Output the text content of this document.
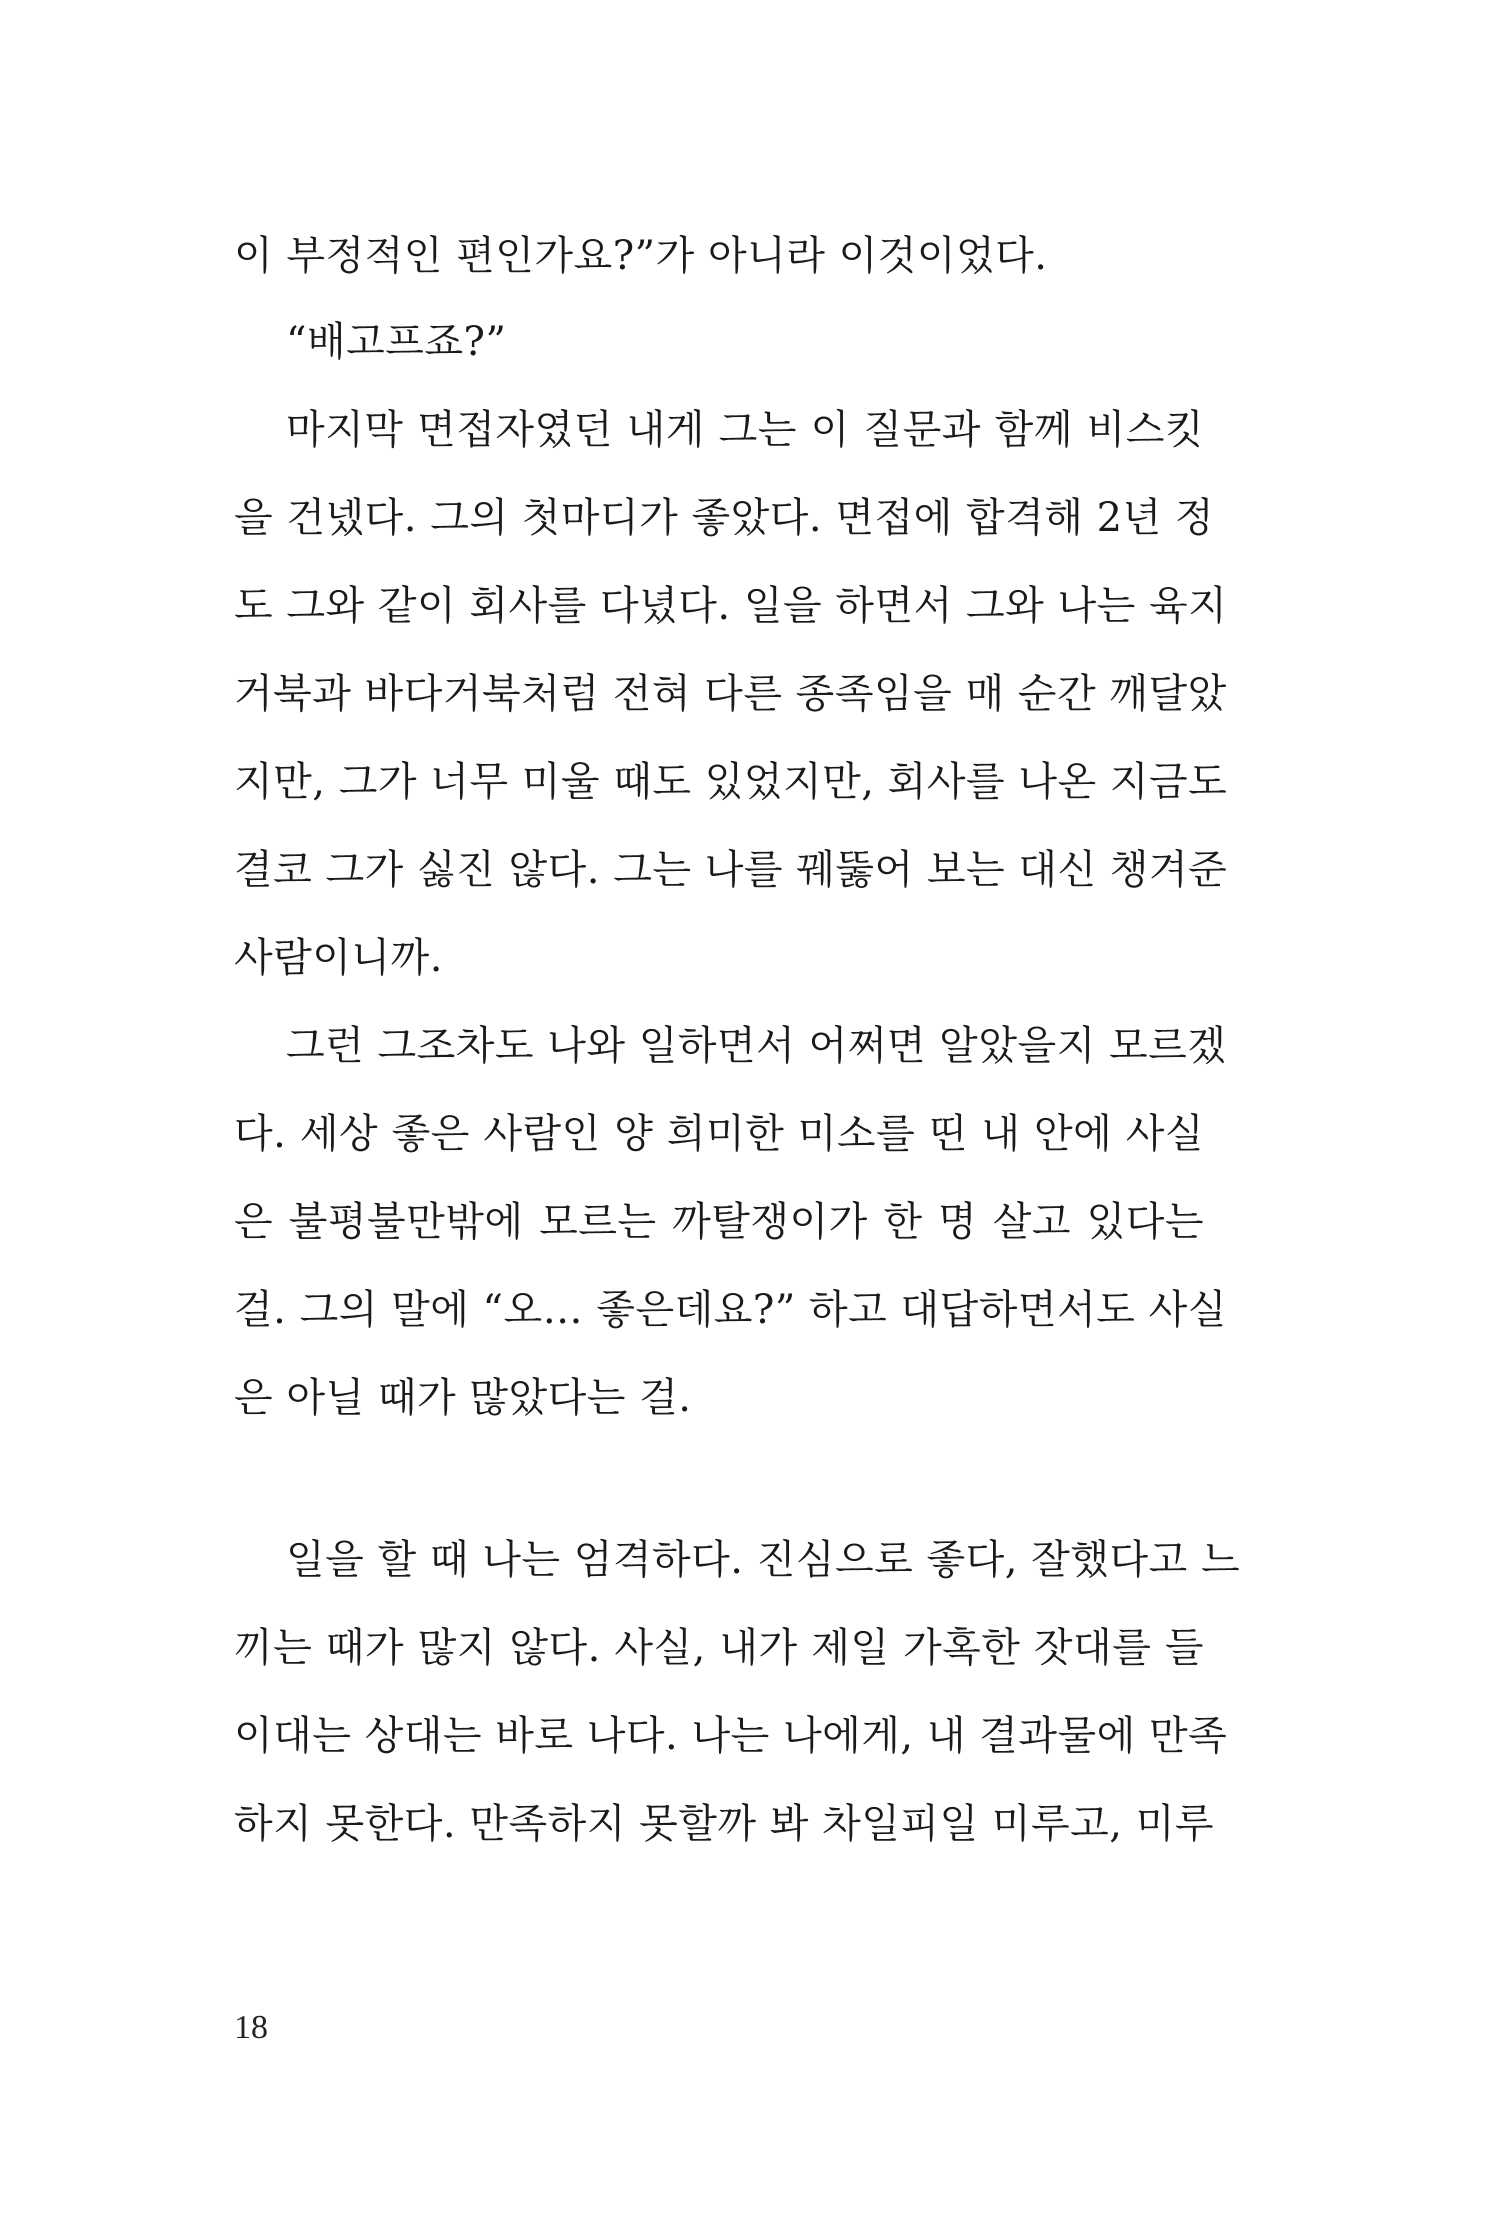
이 부정적인 편인가요?”가 아니라 이것이었다.
“배고프죠?”
마지막 면접자였던 내게 그는 이 질문과 함께 비스킷
을 건넸다. 그의 첫마디가 좋았다. 면접에 합격해 2년 정
도 그와 같이 회사를 다녔다. 일을 하면서 그와 나는 육지
거북과 바다거북처럼 전혀 다른 종족임을 매 순간 깨달았
지만, 그가 너무 미울 때도 있었지만, 회사를 나온 지금도
결코 그가 싫진 않다. 그는 나를 꿰뚫어 보는 대신 챙겨준
사람이니까.
그런 그조차도 나와 일하면서 어쩌면 알았을지 모르겠
다. 세상 좋은 사람인 양 희미한 미소를 띤 내 안에 사실
은 불평불만밖에 모르는 까탈쟁이가 한 명 살고 있다는
걸. 그의 말에 “오… 좋은데요?” 하고 대답하면서도 사실
은 아닐 때가 많았다는 걸.
일을 할 때 나는 엄격하다. 진심으로 좋다, 잘했다고 느
끼는 때가 많지 않다. 사실, 내가 제일 가혹한 잣대를 들
이대는 상대는 바로 나다. 나는 나에게, 내 결과물에 만족
하지 못한다. 만족하지 못할까 봐 차일피일 미루고, 미루
18
